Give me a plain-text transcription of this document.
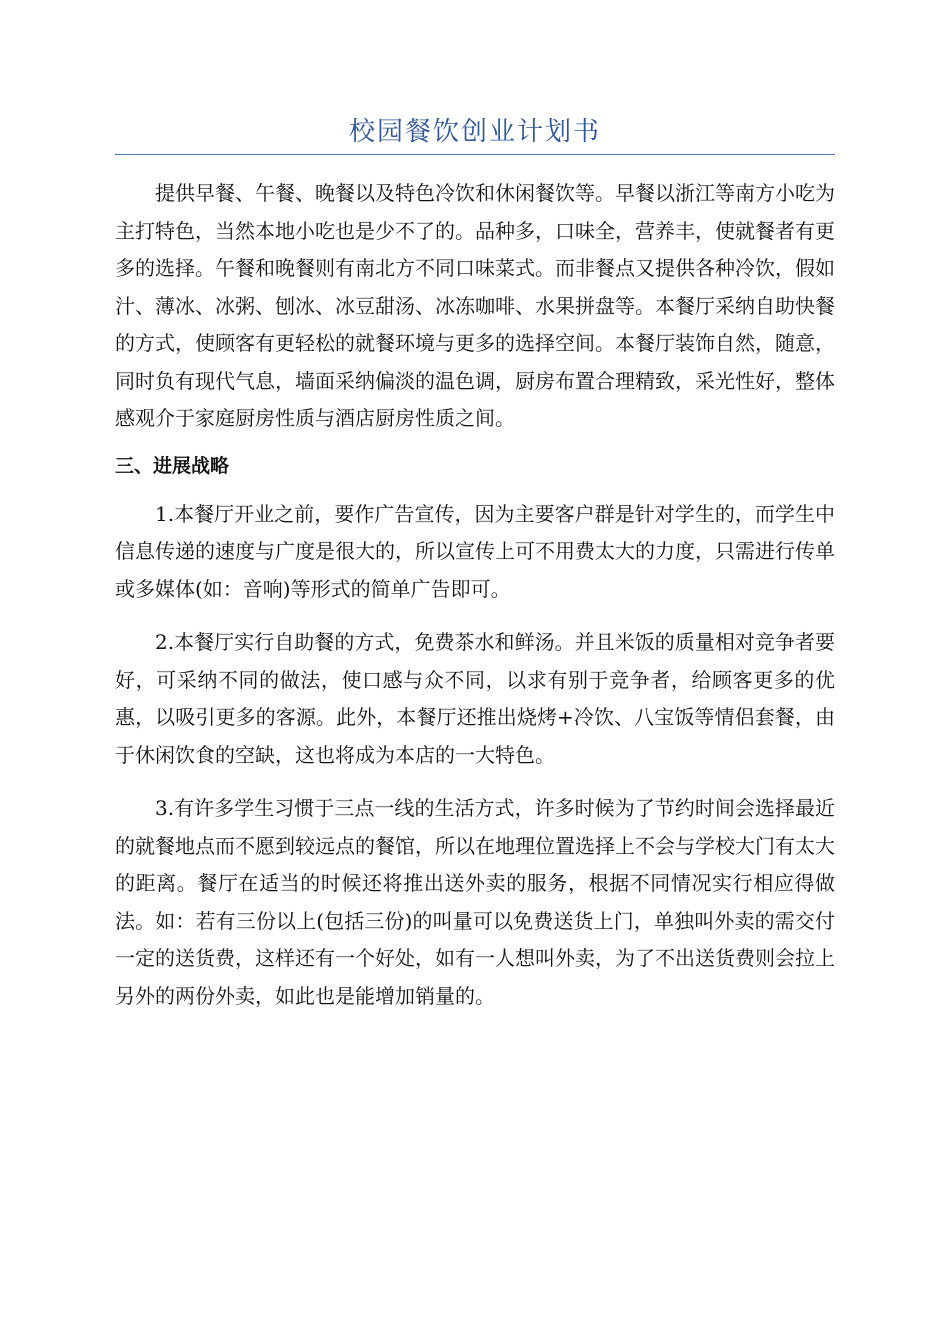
校园餐饮创业计划书

提供早餐、午餐、晚餐以及特色冷饮和休闲餐饮等。早餐以浙江等南方小吃为主打特色，当然本地小吃也是少不了的。品种多，口味全，营养丰，使就餐者有更多的选择。午餐和晚餐则有南北方不同口味菜式。而非餐点又提供各种冷饮，假如汁、薄冰、冰粥、刨冰、冰豆甜汤、冰冻咖啡、水果拼盘等。本餐厅采纳自助快餐的方式，使顾客有更轻松的就餐环境与更多的选择空间。本餐厅装饰自然，随意，同时负有现代气息，墙面采纳偏淡的温色调，厨房布置合理精致，采光性好，整体感观介于家庭厨房性质与酒店厨房性质之间。

三、进展战略

1.本餐厅开业之前，要作广告宣传，因为主要客户群是针对学生的，而学生中信息传递的速度与广度是很大的，所以宣传上可不用费太大的力度，只需进行传单或多媒体(如：音响)等形式的简单广告即可。

2.本餐厅实行自助餐的方式，免费茶水和鲜汤。并且米饭的质量相对竞争者要好，可采纳不同的做法，使口感与众不同，以求有别于竞争者，给顾客更多的优惠，以吸引更多的客源。此外，本餐厅还推出烧烤+冷饮、八宝饭等情侣套餐，由于休闲饮食的空缺，这也将成为本店的一大特色。

3.有许多学生习惯于三点一线的生活方式，许多时候为了节约时间会选择最近的就餐地点而不愿到较远点的餐馆，所以在地理位置选择上不会与学校大门有太大的距离。餐厅在适当的时候还将推出送外卖的服务，根据不同情况实行相应得做法。如：若有三份以上(包括三份)的叫量可以免费送货上门，单独叫外卖的需交付一定的送货费，这样还有一个好处，如有一人想叫外卖，为了不出送货费则会拉上另外的两份外卖，如此也是能增加销量的。
